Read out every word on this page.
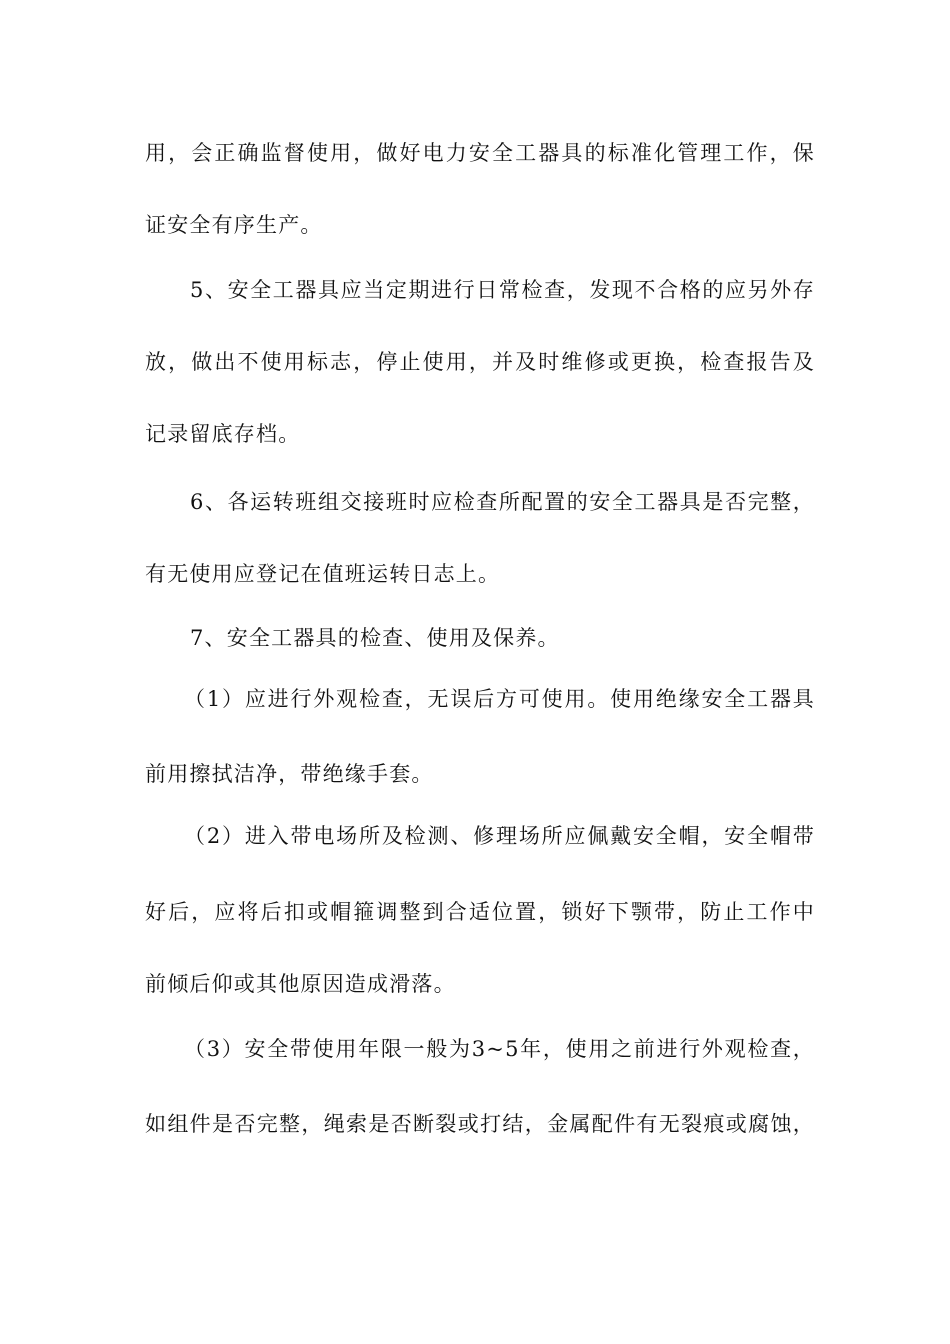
用，会正确监督使用，做好电力安全工器具的标准化管理工作，保
证安全有序生产。
5、安全工器具应当定期进行日常检查，发现不合格的应另外存
放，做出不使用标志，停止使用，并及时维修或更换，检查报告及
记录留底存档。
6、各运转班组交接班时应检查所配置的安全工器具是否完整，
有无使用应登记在值班运转日志上。
7、安全工器具的检查、使用及保养。
（1）应进行外观检查，无误后方可使用。使用绝缘安全工器具
前用擦拭洁净，带绝缘手套。
（2）进入带电场所及检测、修理场所应佩戴安全帽，安全帽带
好后，应将后扣或帽箍调整到合适位置，锁好下颚带，防止工作中
前倾后仰或其他原因造成滑落。
（3）安全带使用年限一般为3~5年，使用之前进行外观检查，
如组件是否完整，绳索是否断裂或打结，金属配件有无裂痕或腐蚀，
